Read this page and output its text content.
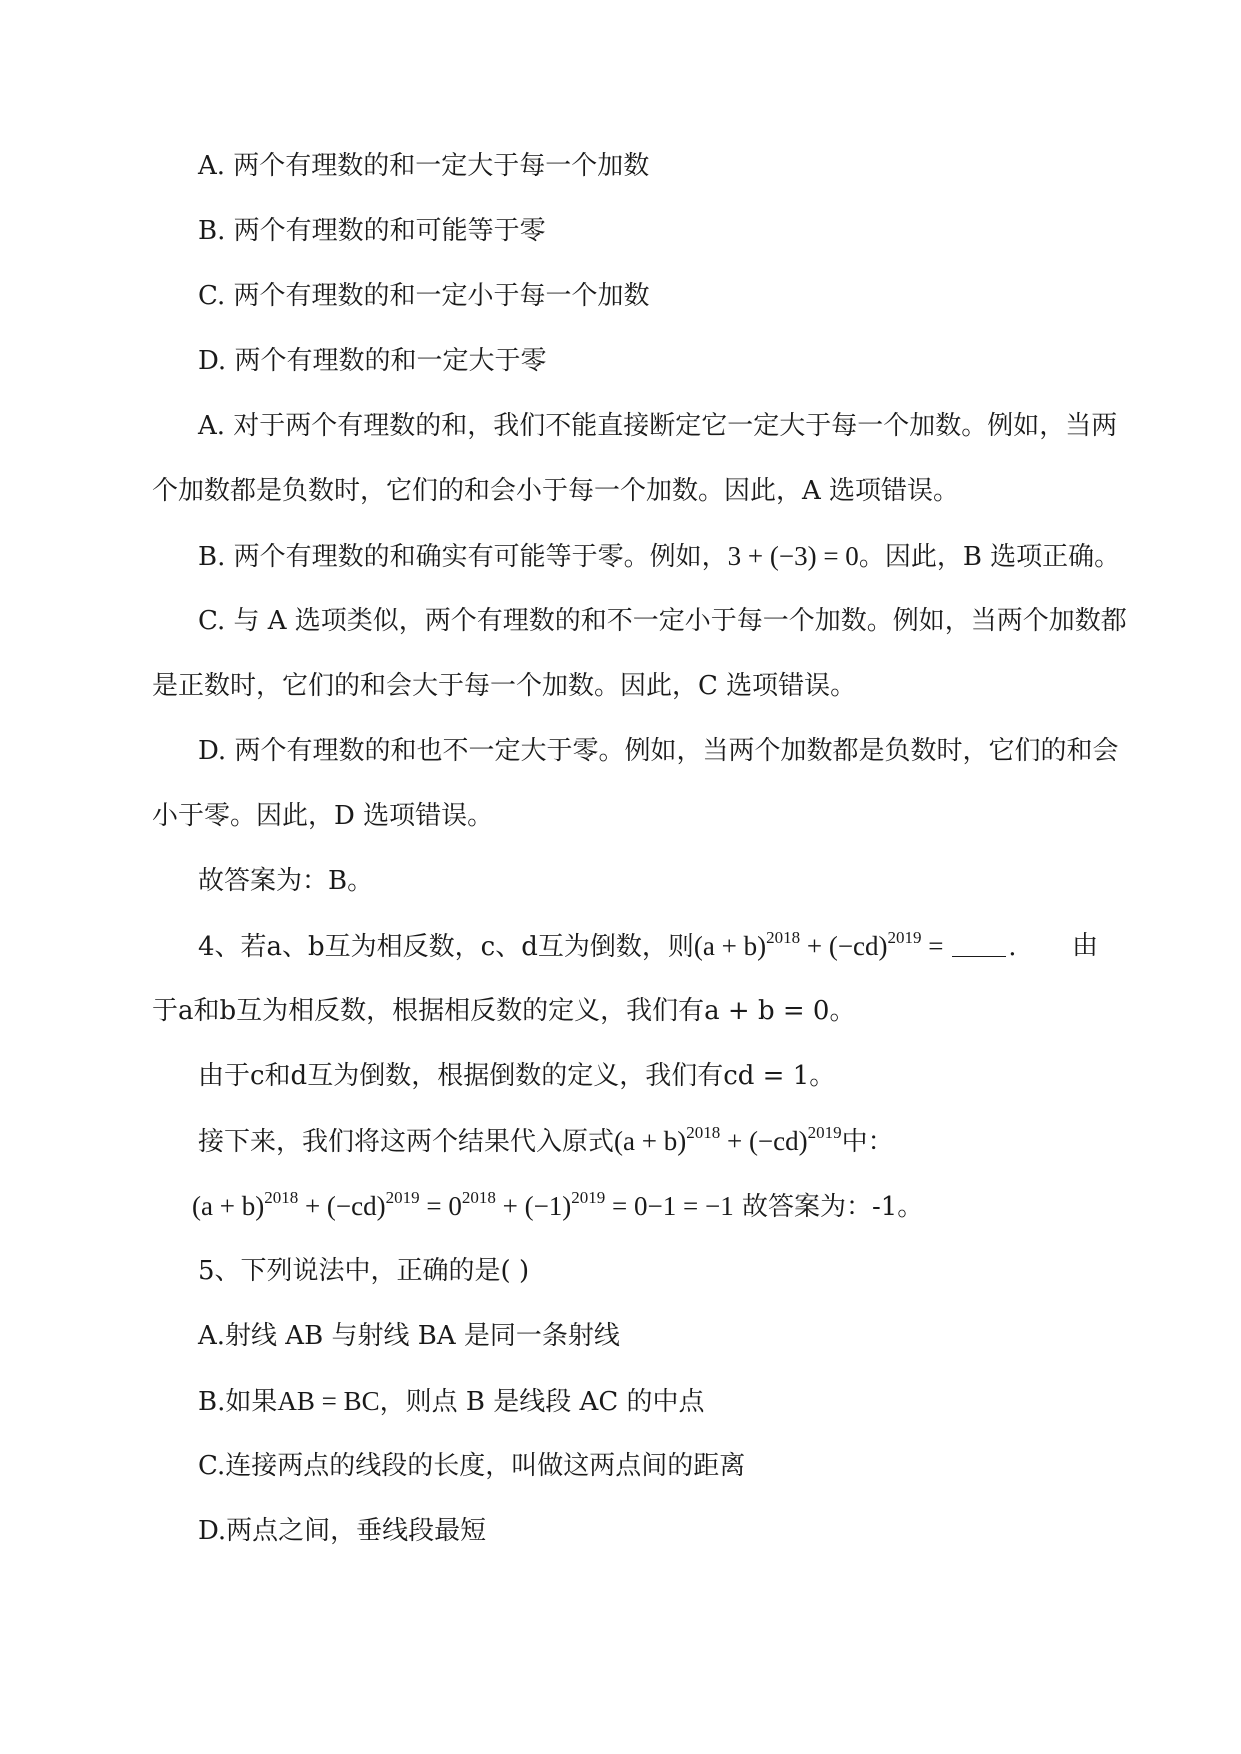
A. 两个有理数的和一定大于每一个加数
B. 两个有理数的和可能等于零
C. 两个有理数的和一定小于每一个加数
D. 两个有理数的和一定大于零
A. 对于两个有理数的和，我们不能直接断定它一定大于每一个加数。例如，当两
个加数都是负数时，它们的和会小于每一个加数。因此，A 选项错误。
B. 两个有理数的和确实有可能等于零。例如，3 + (−3) = 0。因此，B 选项正确。
C. 与 A 选项类似，两个有理数的和不一定小于每一个加数。例如，当两个加数都
是正数时，它们的和会大于每一个加数。因此，C 选项错误。
D. 两个有理数的和也不一定大于零。例如，当两个加数都是负数时，它们的和会
小于零。因此，D 选项错误。
故答案为：B。
4、若a、b互为相反数，c、d互为倒数，则$(a + b)^{2018} + (-cd)^{2019}$ = . 由
于a和b互为相反数，根据相反数的定义，我们有a + b = 0。
由于c和d互为倒数，根据倒数的定义，我们有cd = 1。
接下来，我们将这两个结果代入原式$(a + b)^{2018} + (-cd)^{2019}$中：
$(a + b)^{2018} + (-cd)^{2019} = 0^{2018} + (-1)^{2019} = 0-1 = -1$ 故答案为：-1。
5、下列说法中，正确的是( )
A.射线 AB 与射线 BA 是同一条射线
B.如果AB = BC，则点 B 是线段 AC 的中点
C.连接两点的线段的长度，叫做这两点间的距离
D.两点之间，垂线段最短
